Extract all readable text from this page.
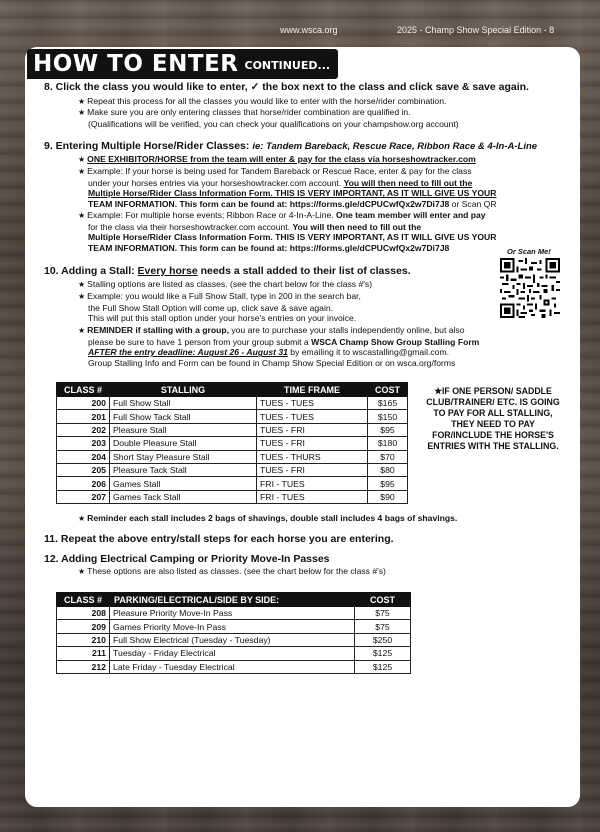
www.wsca.org	2025 - Champ Show Special Edition - 8
HOW TO ENTER CONTINUED...
8. Click the class you would like to enter, ✓ the box next to the class and click save & save again.
★ Repeat this process for all the classes you would like to enter with the horse/rider combination.
★ Make sure you are only entering classes that horse/rider combination are qualified in.
(Qualifications will be verified, you can check your qualifications on your champshow.org account)
9. Entering Multiple Horse/Rider Classes: ie: Tandem Bareback, Rescue Race, Ribbon Race & 4-In-A-Line
★ ONE EXHIBITOR/HORSE from the team will enter & pay for the class via horseshowtracker.com
★ Example: If your horse is being used for Tandem Bareback or Rescue Race, enter & pay for the class
under your horses entries via your horseshowtracker.com account. You will then need to fill out the
Multiple Horse/Rider Class Information Form. THIS IS VERY IMPORTANT, AS IT WILL GIVE US YOUR
TEAM INFORMATION. This form can be found at: https://forms.gle/dCPUCwfQx2w7Di7J8 or Scan QR
★ Example: For multiple horse events; Ribbon Race or 4-In-A-Line. One team member will enter and pay
for the class via their horseshowtracker.com account. You will then need to fill out the
Multiple Horse/Rider Class Information Form. THIS IS VERY IMPORTANT, AS IT WILL GIVE US YOUR
TEAM INFORMATION. This form can be found at: https://forms.gle/dCPUCwfQx2w7Di7J8	Or Scan Me!
10. Adding a Stall: Every horse needs a stall added to their list of classes.
★ Stalling options are listed as classes. (see the chart below for the class #'s)
★ Example: you would like a Full Show Stall, type in 200 in the search bar,
the Full Show Stall Option will come up, click save & save again.
This will put this stall option under your horse's entries on your invoice.
★ REMINDER if stalling with a group, you are to purchase your stalls independently online, but also
please be sure to have 1 person from your group submit a WSCA Champ Show Group Stalling Form
AFTER the entry deadline: August 26 - August 31 by emailing it to wscastalling@gmail.com.
Group Stalling Info and Form can be found in Champ Show Special Edition or on wsca.org/forms
CLASS #	STALLING	TIME FRAME	COST
200	Full Show Stall	TUES - TUES	$165
201	Full Show Tack Stall	TUES - TUES	$150
202	Pleasure Stall	TUES - FRI	$95
203	Double Pleasure Stall	TUES - FRI	$180
204	Short Stay Pleasure Stall	TUES - THURS	$70
205	Pleasure Tack Stall	TUES - FRI	$80
206	Games Stall	FRI - TUES	$95
207	Games Tack Stall	FRI - TUES	$90
★IF ONE PERSON/ SADDLE CLUB/TRAINER/ ETC. IS GOING TO PAY FOR ALL STALLING, THEY NEED TO PAY FOR/INCLUDE THE HORSE'S ENTRIES WITH THE STALLING.
★ Reminder each stall includes 2 bags of shavings, double stall includes 4 bags of shavings.
11. Repeat the above entry/stall steps for each horse you are entering.
12. Adding Electrical Camping or Priority Move-In Passes
★ These options are also listed as classes. (see the chart below for the class #'s)
CLASS #	PARKING/ELECTRICAL/SIDE BY SIDE:	COST
208	Pleasure Priority Move-In Pass	$75
209	Games Priority Move-In Pass	$75
210	Full Show Electrical (Tuesday - Tuesday)	$250
211	Tuesday - Friday Electrical	$125
212	Late Friday - Tuesday Electrical	$125
